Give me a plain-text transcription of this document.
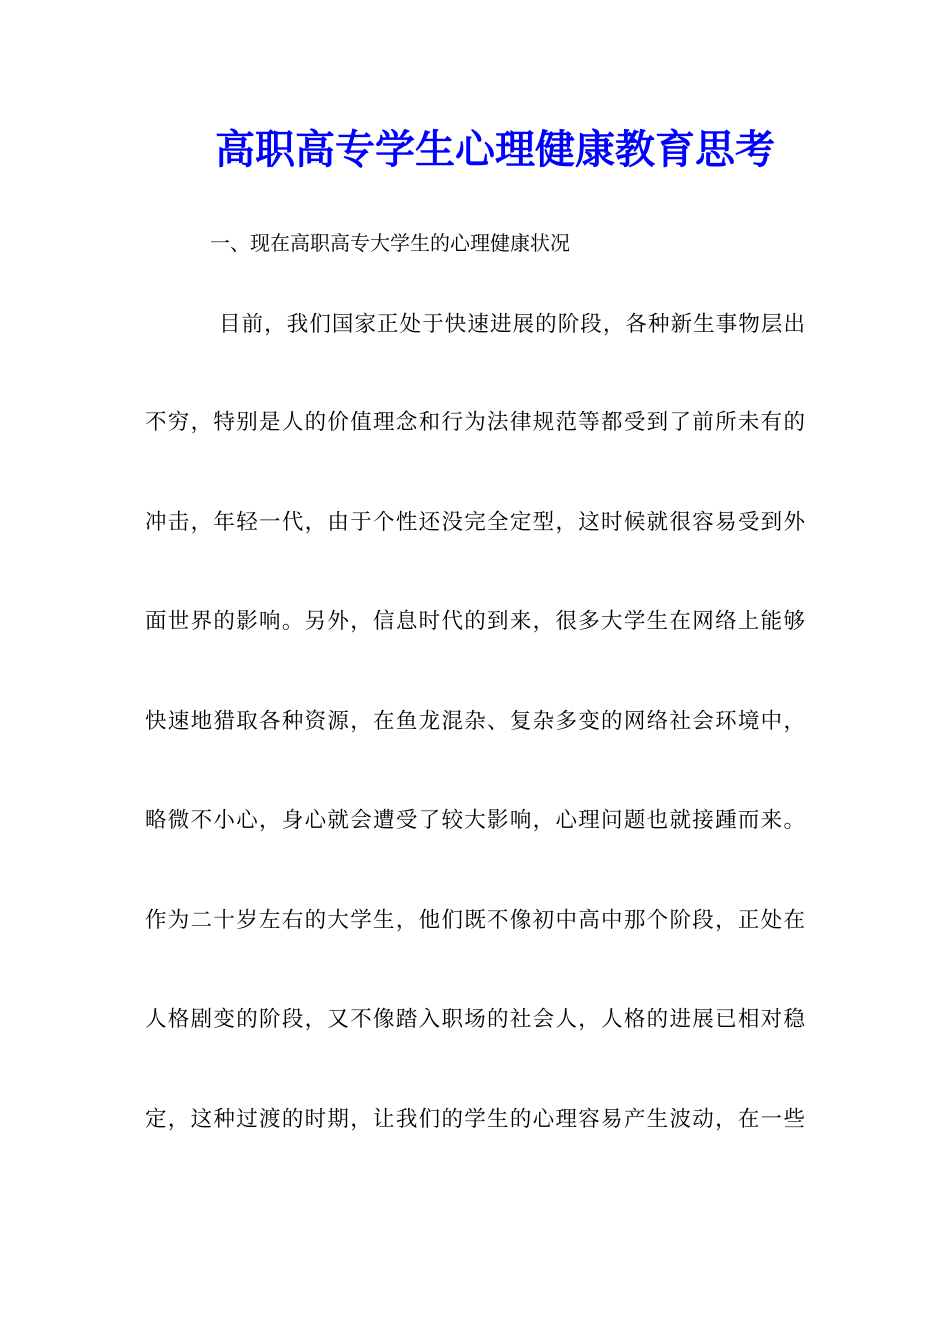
高职高专学生心理健康教育思考
一、现在高职高专大学生的心理健康状况
目前，我们国家正处于快速进展的阶段，各种新生事物层出
不穷，特别是人的价值理念和行为法律规范等都受到了前所未有的
冲击，年轻一代，由于个性还没完全定型，这时候就很容易受到外
面世界的影响。另外，信息时代的到来，很多大学生在网络上能够
快速地猎取各种资源，在鱼龙混杂、复杂多变的网络社会环境中，
略微不小心，身心就会遭受了较大影响，心理问题也就接踵而来。
作为二十岁左右的大学生，他们既不像初中高中那个阶段，正处在
人格剧变的阶段，又不像踏入职场的社会人，人格的进展已相对稳
定，这种过渡的时期，让我们的学生的心理容易产生波动，在一些
